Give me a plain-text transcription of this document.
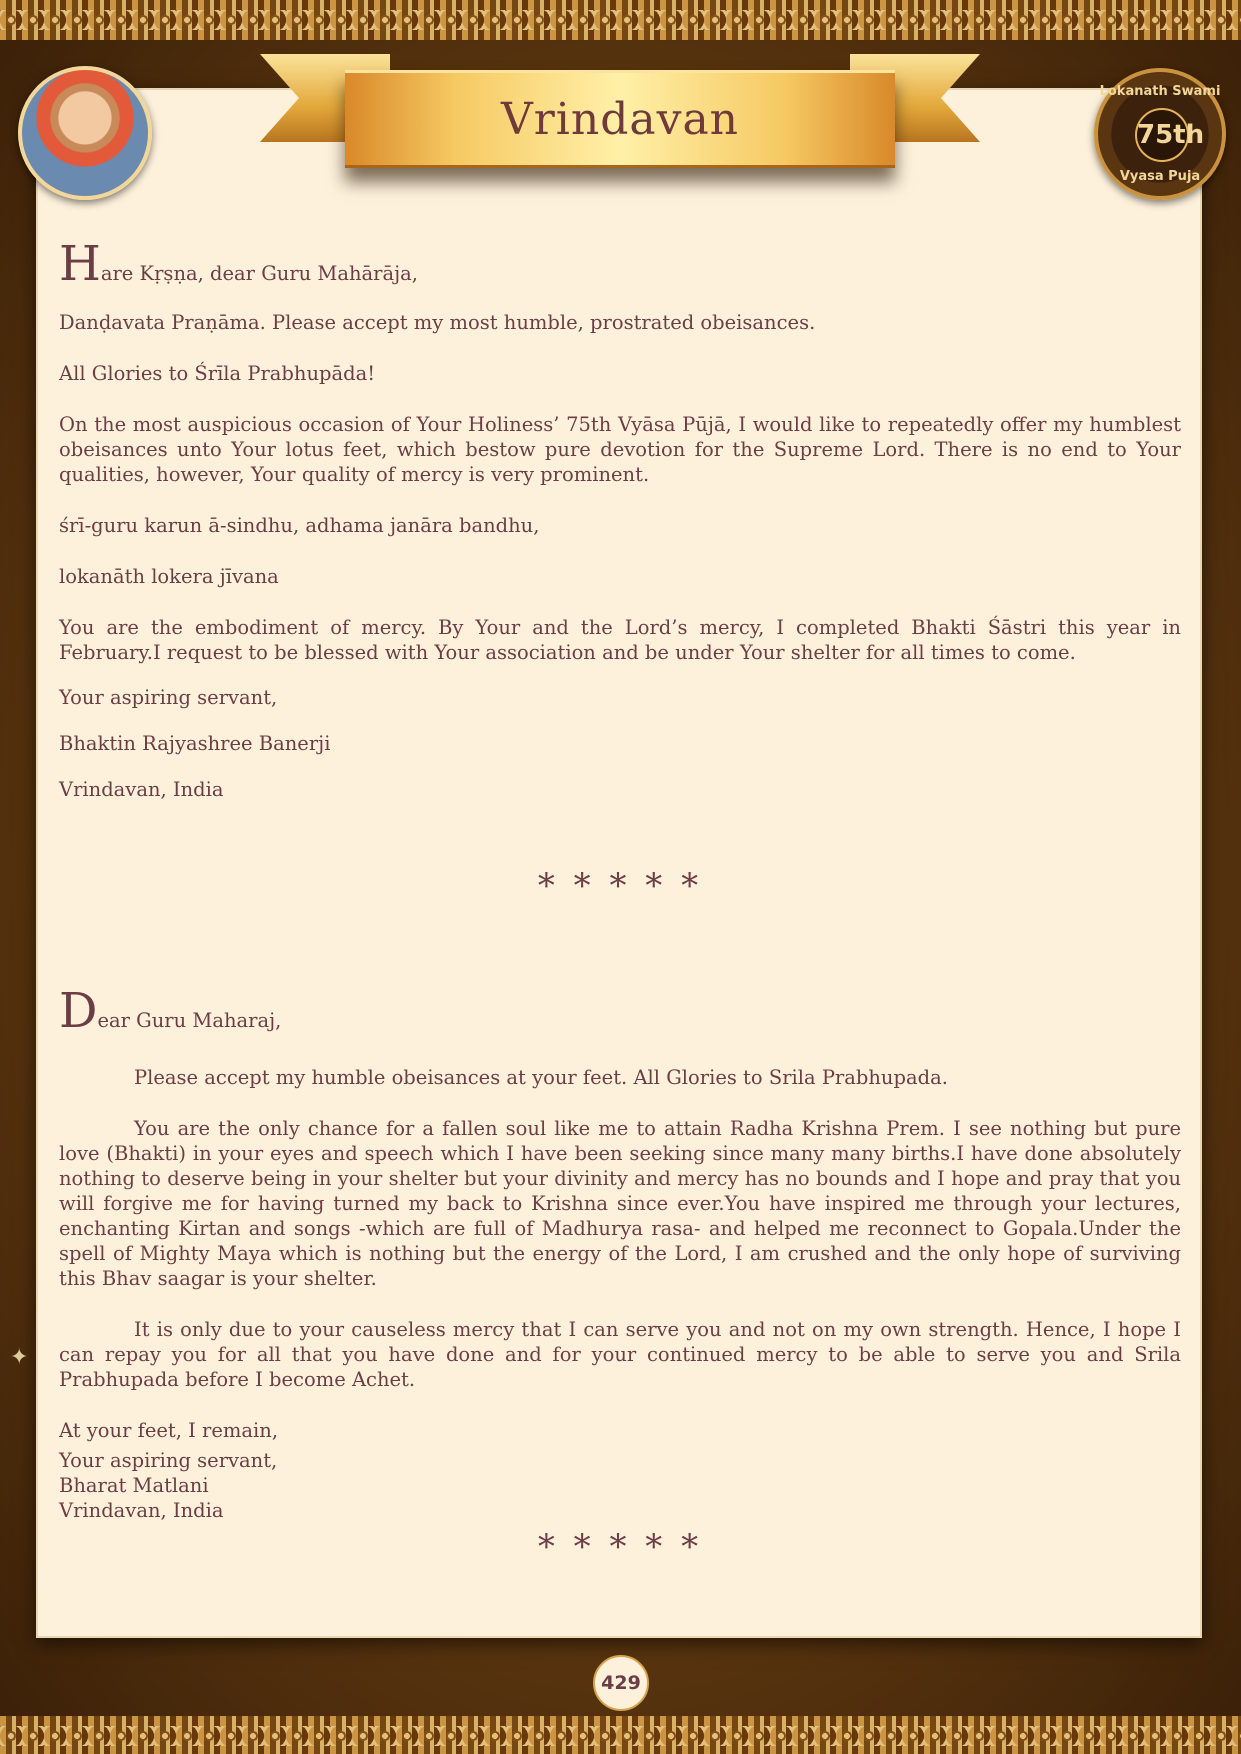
Lokanath Swami
75th
Vyasa Puja
Vrindavan

Hare Kṛṣṇa, dear Guru Mahārāja,

Danḍavata Praṇāma. Please accept my most humble, prostrated obeisances.

All Glories to Śrīla Prabhupāda!

On the most auspicious occasion of Your Holiness’ 75th Vyāsa Pūjā, I would like to repeatedly offer my humblest obeisances unto Your lotus feet, which bestow pure devotion for the Supreme Lord. There is no end to Your qualities, however, Your quality of mercy is very prominent.

śrī-guru karun ā-sindhu, adhama janāra bandhu,

lokanāth lokera jīvana

You are the embodiment of mercy. By Your and the Lord’s mercy, I completed Bhakti Śāstri this year in February.I request to be blessed with Your association and be under Your shelter for all times to come.

Your aspiring servant,

Bhaktin Rajyashree Banerji

Vrindavan, India

* * * * *

Dear Guru Maharaj,

Please accept my humble obeisances at your feet. All Glories to Srila Prabhupada.

You are the only chance for a fallen soul like me to attain Radha Krishna Prem. I see nothing but pure love (Bhakti) in your eyes and speech which I have been seeking since many many births.I have done absolutely nothing to deserve being in your shelter but your divinity and mercy has no bounds and I hope and pray that you will forgive me for having turned my back to Krishna since ever.You have inspired me through your lectures, enchanting Kirtan and songs -which are full of Madhurya rasa- and helped me reconnect to Gopala.Under the spell of Mighty Maya which is nothing but the energy of the Lord, I am crushed and the only hope of surviving this Bhav saagar is your shelter.

It is only due to your causeless mercy that I can serve you and not on my own strength. Hence, I hope I can repay you for all that you have done and for your continued mercy to be able to serve you and Srila Prabhupada before I become Achet.

At your feet, I remain,

Your aspiring servant,

Bharat Matlani

Vrindavan, India

* * * * *

✦
429
